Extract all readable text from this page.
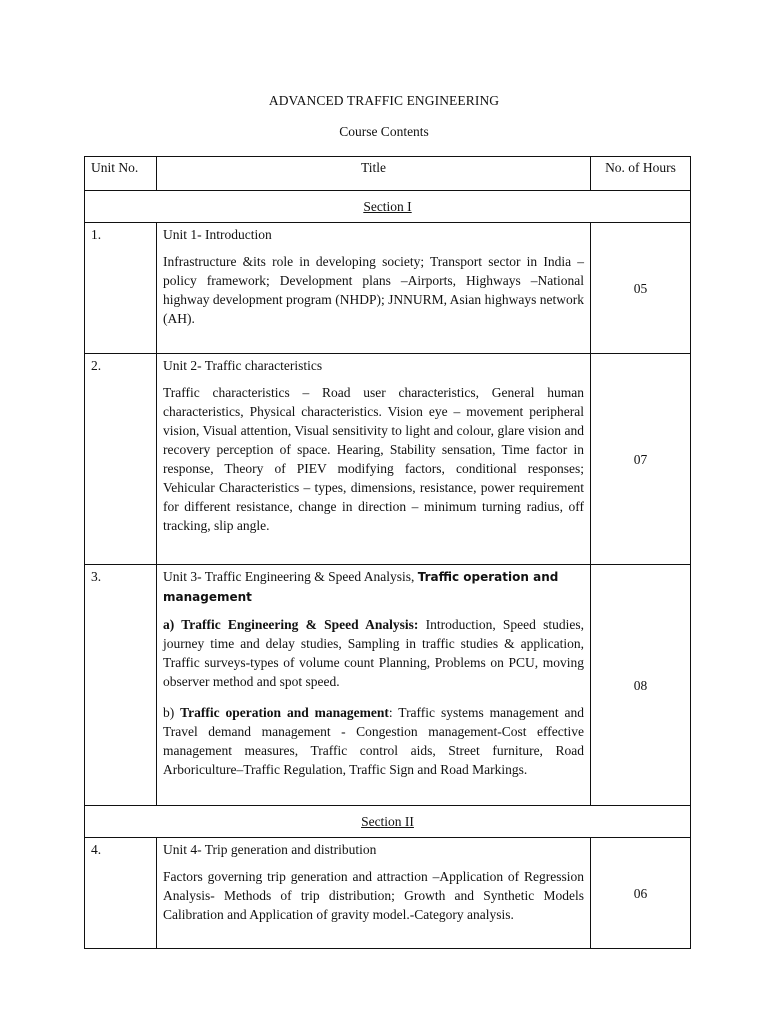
ADVANCED TRAFFIC ENGINEERING
Course Contents
Unit No.	Title	No. of Hours
Section I		
1.	Unit 1- Introduction

Infrastructure &its role in developing society; Transport sector in India – policy framework; Development plans –Airports, Highways –National highway development program (NHDP); JNNURM, Asian highways network (AH).	05
2.	Unit 2- Traffic characteristics

Traffic characteristics – Road user characteristics, General human characteristics, Physical characteristics. Vision eye – movement peripheral vision, Visual attention, Visual sensitivity to light and colour, glare vision and recovery perception of space. Hearing, Stability sensation, Time factor in response, Theory of PIEV modifying factors, conditional responses; Vehicular Characteristics – types, dimensions, resistance, power requirement for different resistance, change in direction – minimum turning radius, off tracking, slip angle.	07
3.	Unit 3- Traffic Engineering & Speed Analysis, Traffic operation and management

a) Traffic Engineering & Speed Analysis: Introduction, Speed studies, journey time and delay studies, Sampling in traffic studies & application, Traffic surveys-types of volume count Planning, Problems on PCU, moving observer method and spot speed.

b) Traffic operation and management: Traffic systems management and Travel demand management - Congestion management-Cost effective management measures, Traffic control aids, Street furniture, Road Arboriculture–Traffic Regulation, Traffic Sign and Road Markings.	08
Section II		
4.	Unit 4- Trip generation and distribution

Factors governing trip generation and attraction –Application of Regression Analysis- Methods of trip distribution; Growth and Synthetic Models Calibration and Application of gravity model.-Category analysis.	06
